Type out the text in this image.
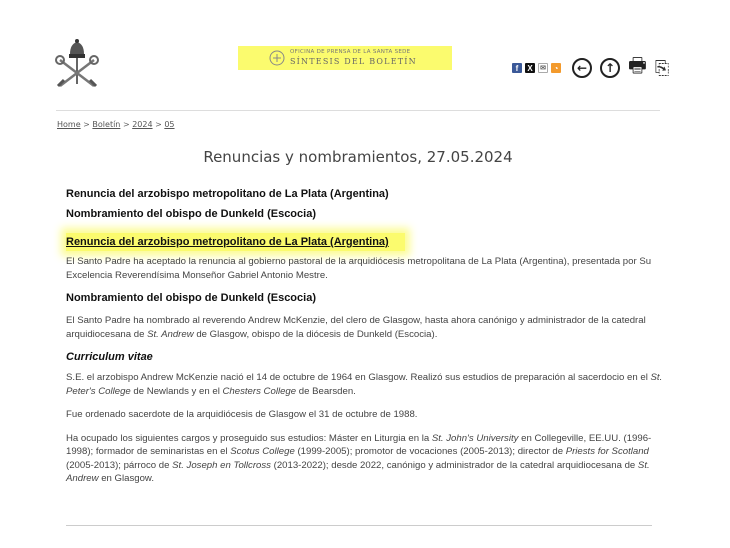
OFICINA DE PRENSA DE LA SANTA SEDE
SÍNTESIS DEL BOLETÍN
f	X	✉ ◔	←	↑ 🖶 ⎘
Home > Boletín > 2024 > 05
Renuncias y nombramientos, 27.05.2024
Renuncia del arzobispo metropolitano de La Plata (Argentina)
Nombramiento del obispo de Dunkeld (Escocia)
Renuncia del arzobispo metropolitano de La Plata (Argentina)
El Santo Padre ha aceptado la renuncia al gobierno pastoral de la arquidiócesis metropolitana de La Plata (Argentina), presentada por Su Excelencia Reverendísima Monseñor Gabriel Antonio Mestre.
Nombramiento del obispo de Dunkeld (Escocia)
El Santo Padre ha nombrado al reverendo Andrew McKenzie, del clero de Glasgow, hasta ahora canónigo y administrador de la catedral arquidiocesana de St. Andrew de Glasgow, obispo de la diócesis de Dunkeld (Escocia).
Curriculum vitae
S.E. el arzobispo Andrew McKenzie nació el 14 de octubre de 1964 en Glasgow. Realizó sus estudios de preparación al sacerdocio en el St. Peter's College de Newlands y en el Chesters College de Bearsden.
Fue ordenado sacerdote de la arquidiócesis de Glasgow el 31 de octubre de 1988.
Ha ocupado los siguientes cargos y proseguido sus estudios: Máster en Liturgia en la St. John's University en Collegeville, EE.UU. (1996-1998); formador de seminaristas en el Scotus College (1999-2005); promotor de vocaciones (2005-2013); director de Priests for Scotland (2005-2013); párroco de St. Joseph en Tollcross (2013-2022); desde 2022, canónigo y administrador de la catedral arquidiocesana de St. Andrew en Glasgow.
